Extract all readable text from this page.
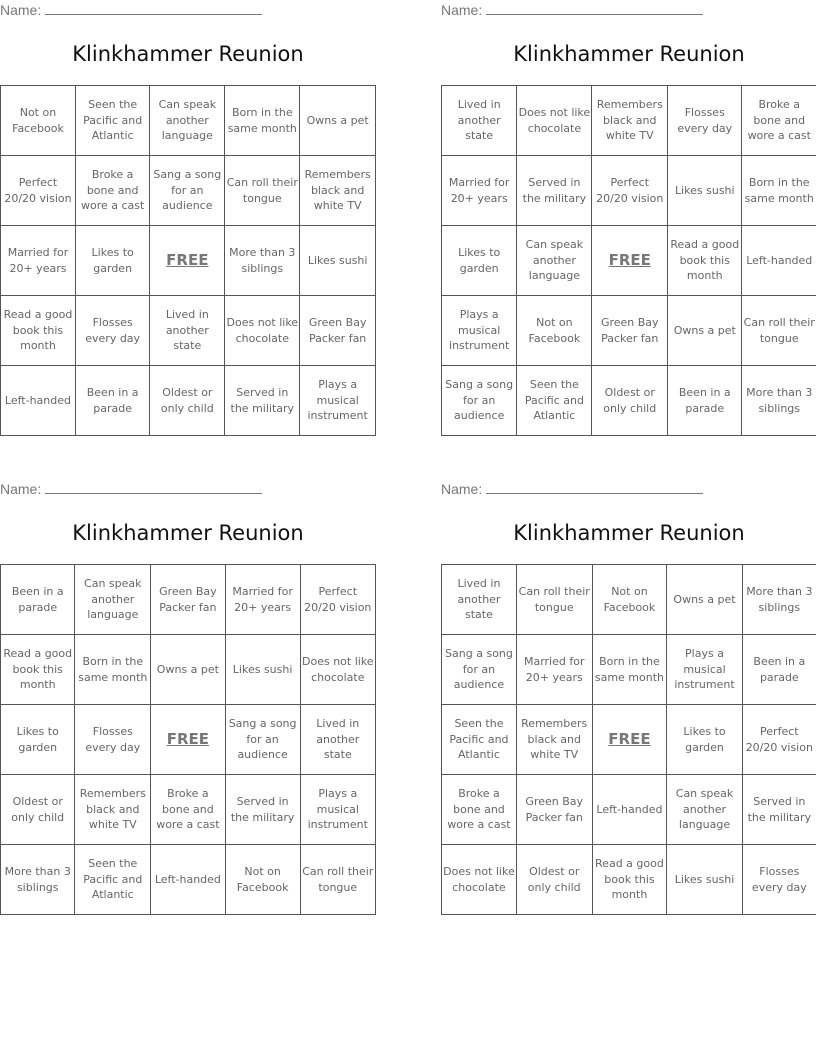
Name:
Klinkhammer Reunion
Not on Facebook	Seen the Pacific and Atlantic	Can speak another language	Born in the same month	Owns a pet
Perfect 20/20 vision	Broke a bone and wore a cast	Sang a song for an audience	Can roll their tongue	Remembers black and white TV
Married for 20+ years	Likes to garden	FREE	More than 3 siblings	Likes sushi
Read a good book this month	Flosses every day	Lived in another state	Does not like chocolate	Green Bay Packer fan
Left-handed	Been in a parade	Oldest or only child	Served in the military	Plays a musical instrument
Name:
Klinkhammer Reunion
Lived in another state	Does not like chocolate	Remembers black and white TV	Flosses every day	Broke a bone and wore a cast
Married for 20+ years	Served in the military	Perfect 20/20 vision	Likes sushi	Born in the same month
Likes to garden	Can speak another language	FREE	Read a good book this month	Left-handed
Plays a musical instrument	Not on Facebook	Green Bay Packer fan	Owns a pet	Can roll their tongue
Sang a song for an audience	Seen the Pacific and Atlantic	Oldest or only child	Been in a parade	More than 3 siblings
Name:
Klinkhammer Reunion
Been in a parade	Can speak another language	Green Bay Packer fan	Married for 20+ years	Perfect 20/20 vision
Read a good book this month	Born in the same month	Owns a pet	Likes sushi	Does not like chocolate
Likes to garden	Flosses every day	FREE	Sang a song for an audience	Lived in another state
Oldest or only child	Remembers black and white TV	Broke a bone and wore a cast	Served in the military	Plays a musical instrument
More than 3 siblings	Seen the Pacific and Atlantic	Left-handed	Not on Facebook	Can roll their tongue
Name:
Klinkhammer Reunion
Lived in another state	Can roll their tongue	Not on Facebook	Owns a pet	More than 3 siblings
Sang a song for an audience	Married for 20+ years	Born in the same month	Plays a musical instrument	Been in a parade
Seen the Pacific and Atlantic	Remembers black and white TV	FREE	Likes to garden	Perfect 20/20 vision
Broke a bone and wore a cast	Green Bay Packer fan	Left-handed	Can speak another language	Served in the military
Does not like chocolate	Oldest or only child	Read a good book this month	Likes sushi	Flosses every day
